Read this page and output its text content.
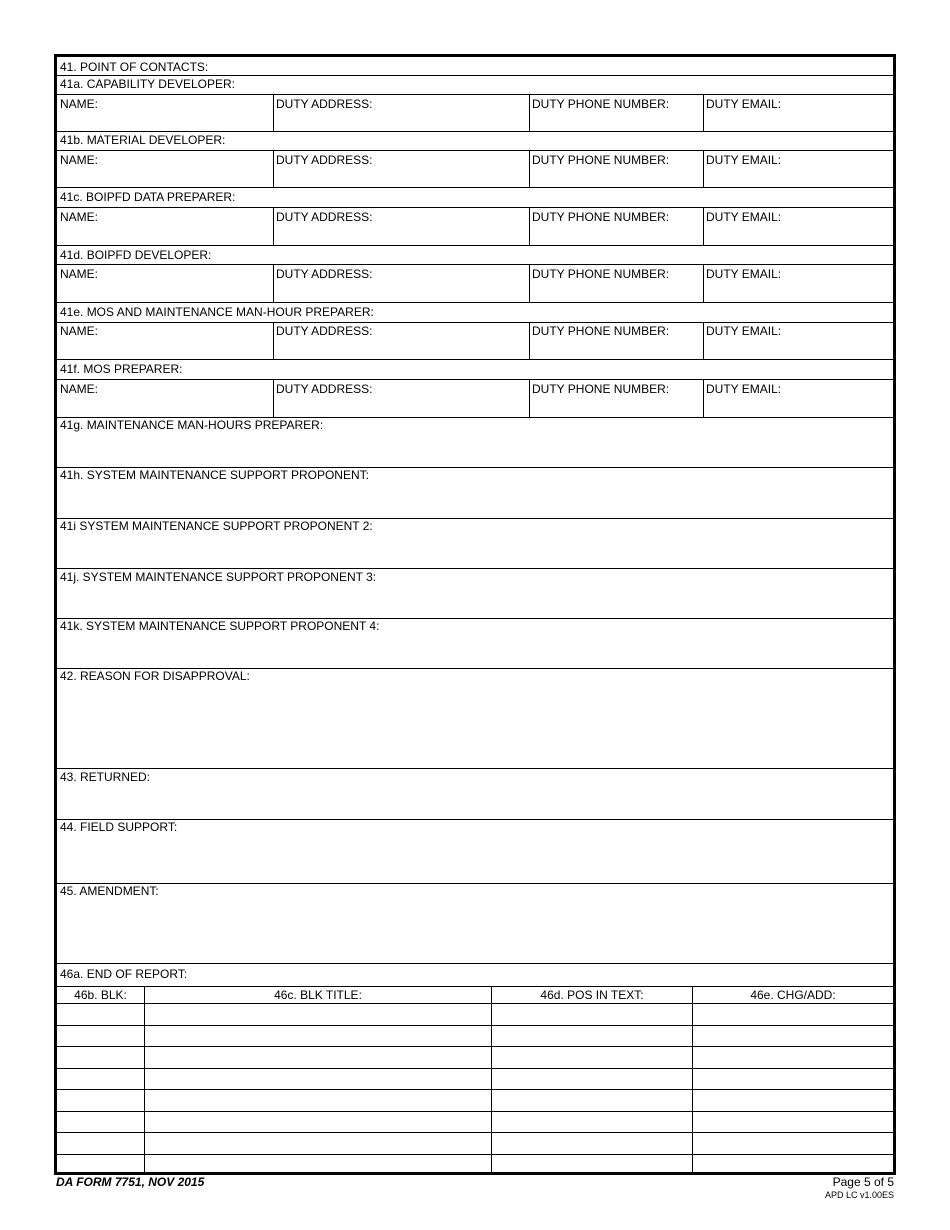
41. POINT OF CONTACTS:
41a. CAPABILITY DEVELOPER:
NAME:	DUTY ADDRESS:	DUTY PHONE NUMBER:	DUTY EMAIL:
41b. MATERIAL DEVELOPER:
NAME:	DUTY ADDRESS:	DUTY PHONE NUMBER:	DUTY EMAIL:
41c. BOIPFD DATA PREPARER:
NAME:	DUTY ADDRESS:	DUTY PHONE NUMBER:	DUTY EMAIL:
41d. BOIPFD DEVELOPER:
NAME:	DUTY ADDRESS:	DUTY PHONE NUMBER:	DUTY EMAIL:
41e. MOS AND MAINTENANCE MAN-HOUR PREPARER:
NAME:	DUTY ADDRESS:	DUTY PHONE NUMBER:	DUTY EMAIL:
41f. MOS PREPARER:
NAME:	DUTY ADDRESS:	DUTY PHONE NUMBER:	DUTY EMAIL:
41g. MAINTENANCE MAN-HOURS PREPARER:
41h. SYSTEM MAINTENANCE SUPPORT PROPONENT:
41i SYSTEM MAINTENANCE SUPPORT PROPONENT 2:
41j. SYSTEM MAINTENANCE SUPPORT PROPONENT 3:
41k. SYSTEM MAINTENANCE SUPPORT PROPONENT 4:
42. REASON FOR DISAPPROVAL:
43. RETURNED:
44. FIELD SUPPORT:
45. AMENDMENT:
46a. END OF REPORT:
46b. BLK:	46c. BLK TITLE:	46d. POS IN TEXT:	46e. CHG/ADD:
DA FORM 7751, NOV 2015	Page 5 of 5
APD LC v1.00ES
